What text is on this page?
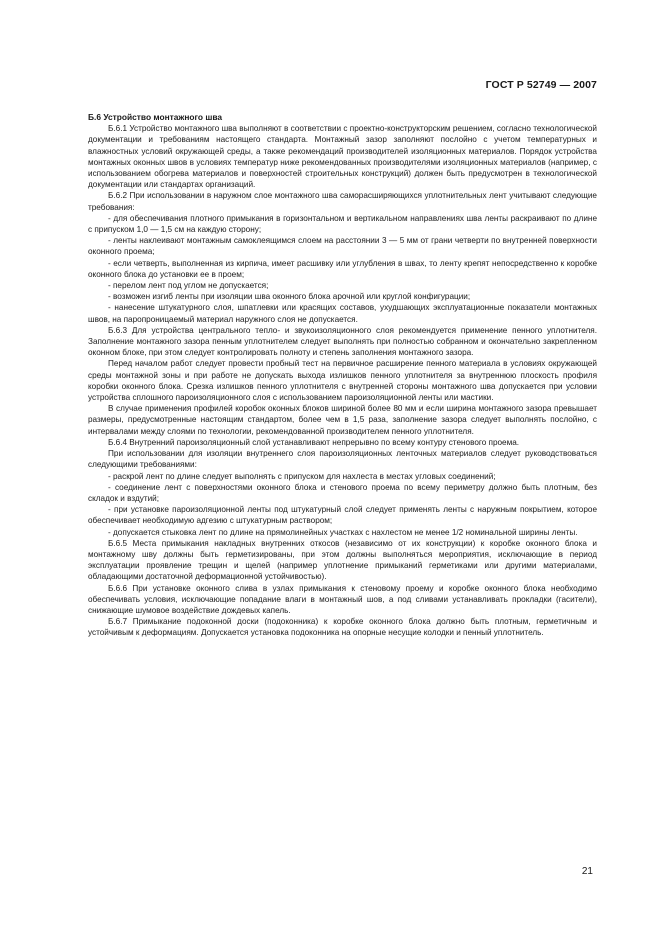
ГОСТ Р 52749 — 2007

Б.6 Устройство монтажного шва

Б.6.1 Устройство монтажного шва выполняют в соответствии с проектно-конструкторским решением, согласно технологической документации и требованиям настоящего стандарта. Монтажный зазор заполняют послойно с учетом температурных и влажностных условий окружающей среды, а также рекомендаций производителей изоляционных материалов. Порядок устройства монтажных оконных швов в условиях температур ниже рекомендованных производителями изоляционных материалов (например, с использованием обогрева материалов и поверхностей строительных конструкций) должен быть предусмотрен в технологической документации или стандартах организаций.

Б.6.2 При использовании в наружном слое монтажного шва саморасширяющихся уплотнительных лент учитывают следующие требования:

- для обеспечивания плотного примыкания в горизонтальном и вертикальном направлениях шва ленты раскраивают по длине с припуском 1,0 — 1,5 см на каждую сторону;

- ленты наклеивают монтажным самоклеящимся слоем на расстоянии 3 — 5 мм от грани четверти по внутренней поверхности оконного проема;

- если четверть, выполненная из кирпича, имеет расшивку или углубления в швах, то ленту крепят непосредственно к коробке оконного блока до установки ее в проем;

- перелом лент под углом не допускается;

- возможен изгиб ленты при изоляции шва оконного блока арочной или круглой конфигурации;

- нанесение штукатурного слоя, шпатлевки или красящих составов, ухудшающих эксплуатационные показатели монтажных швов, на паропроницаемый материал наружного слоя не допускается.

Б.6.3 Для устройства центрального тепло- и звукоизоляционного слоя рекомендуется применение пенного уплотнителя. Заполнение монтажного зазора пенным уплотнителем следует выполнять при полностью собранном и окончательно закрепленном оконном блоке, при этом следует контролировать полноту и степень заполнения монтажного зазора.

Перед началом работ следует провести пробный тест на первичное расширение пенного материала в условиях окружающей среды монтажной зоны и при работе не допускать выхода излишков пенного уплотнителя за внутреннюю плоскость профиля коробки оконного блока. Срезка излишков пенного уплотнителя с внутренней стороны монтажного шва допускается при условии устройства сплошного пароизоляционного слоя с использованием пароизоляционной ленты или мастики.

В случае применения профилей коробок оконных блоков шириной более 80 мм и если ширина монтажного зазора превышает размеры, предусмотренные настоящим стандартом, более чем в 1,5 раза, заполнение зазора следует выполнять послойно, с интервалами между слоями по технологии, рекомендованной производителем пенного уплотнителя.

Б.6.4 Внутренний пароизоляционный слой устанавливают непрерывно по всему контуру стенового проема.

При использовании для изоляции внутреннего слоя пароизоляционных ленточных материалов следует руководствоваться следующими требованиями:

- раскрой лент по длине следует выполнять с припуском для нахлеста в местах угловых соединений;

- соединение лент с поверхностями оконного блока и стенового проема по всему периметру должно быть плотным, без складок и вздутий;

- при установке пароизоляционной ленты под штукатурный слой следует применять ленты с наружным покрытием, которое обеспечивает необходимую адгезию с штукатурным раствором;

- допускается стыковка лент по длине на прямолинейных участках с нахлестом не менее 1/2 номинальной ширины ленты.

Б.6.5 Места примыкания накладных внутренних откосов (независимо от их конструкции) к коробке оконного блока и монтажному шву должны быть герметизированы, при этом должны выполняться мероприятия, исключающие в период эксплуатации проявление трещин и щелей (например уплотнение примыканий герметиками или другими материалами, обладающими достаточной деформационной устойчивостью).

Б.6.6 При установке оконного слива в узлах примыкания к стеновому проему и коробке оконного блока необходимо обеспечивать условия, исключающие попадание влаги в монтажный шов, а под сливами устанавливать прокладки (гасители), снижающие шумовое воздействие дождевых капель.

Б.6.7 Примыкание подоконной доски (подоконника) к коробке оконного блока должно быть плотным, герметичным и устойчивым к деформациям. Допускается установка подоконника на опорные несущие колодки и пенный уплотнитель.

21
